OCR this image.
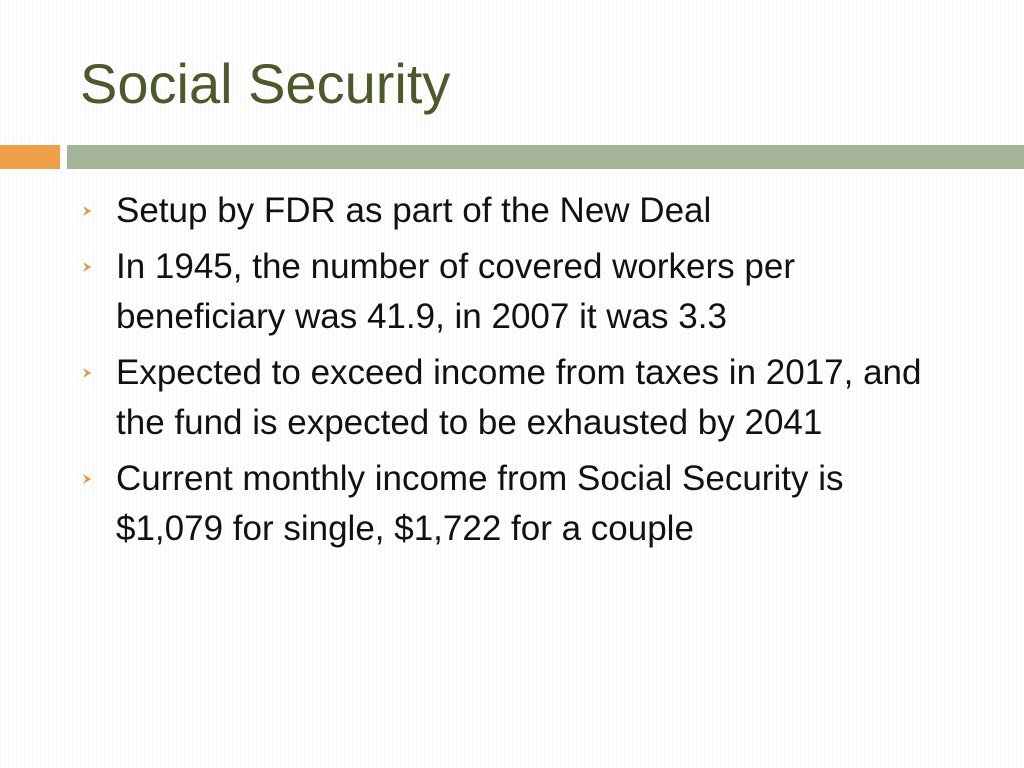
Social Security
Setup by FDR as part of the New Deal
In 1945, the number of covered workers per beneficiary was 41.9, in 2007 it was 3.3
Expected to exceed income from taxes in 2017, and the fund is expected to be exhausted by 2041
Current monthly income from Social Security is $1,079 for single, $1,722 for a couple
